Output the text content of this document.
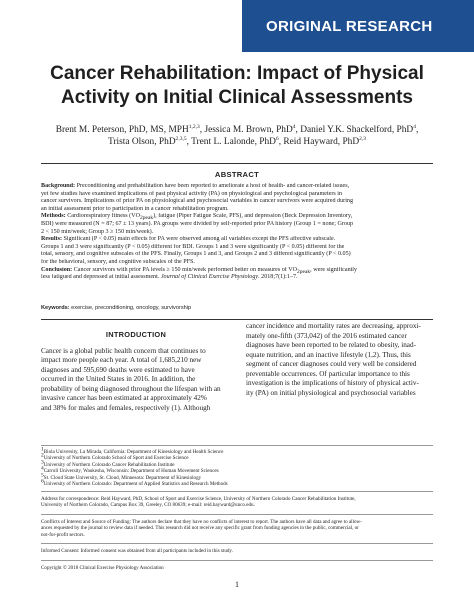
ORIGINAL RESEARCH
Cancer Rehabilitation: Impact of Physical
Activity on Initial Clinical Assessments
Brent M. Peterson, PhD, MS, MPH$^{1,2,3}$, Jessica M. Brown, PhD$^4$, Daniel Y.K. Shackelford, PhD$^4$,
Trista Olson, PhD$^{2,3,5}$, Trent L. Lalonde, PhD$^6$, Reid Hayward, PhD$^{2,3}$
ABSTRACT
Background: Preconditioning and prehabilitation have been reported to ameliorate a host of health- and cancer-related issues,
yet few studies have examined implications of past physical activity (PA) on physiological and psychological parameters in
cancer survivors. Implications of prior PA on physiological and psychosocial variables in cancer survivors were acquired during
an initial assessment prior to participation in a cancer rehabilitation program.
Methods: Cardiorespiratory fitness $(VO_{2peak})$, fatigue (Piper Fatigue Scale, PFS), and depression (Beck Depression Inventory,
BDI) were measured (N = 87; 67 ± 13 years). PA groups were divided by self-reported prior PA history (Group 1 = none; Group
2 < 150 min/week; Group 3 ≥ 150 min/week).
Results: Significant (P < 0.05) main effects for PA were observed among all variables except the PFS affective subscale.
Groups 1 and 3 were significantly (P < 0.05) different for BDI. Groups 1 and 3 were significantly (P < 0.05) different for the
total, sensory, and cognitive subscales of the PFS. Finally, Groups 1 and 3, and Groups 2 and 3 differed significantly (P < 0.05)
for the behavioral, sensory, and cognitive subscales of the PFS.
Conclusion: Cancer survivors with prior PA levels ≥ 150 min/week performed better on measures of $VO_{2peak}$, were significantly
less fatigued and depressed at initial assessment. Journal of Clinical Exercise Physiology. 2018;7(1):1–7.
Keywords: exercise, preconditioning, oncology, survivorship
INTRODUCTION
Cancer is a global public health concern that continues to
impact more people each year. A total of 1,685,210 new
diagnoses and 595,690 deaths were estimated to have
occurred in the United States in 2016. In addition, the
probability of being diagnosed throughout the lifespan with an
invasive cancer has been estimated at approximately 42%
and 38% for males and females, respectively (1). Although
cancer incidence and mortality rates are decreasing, approxi-
mately one-fifth (373,042) of the 2016 estimated cancer
diagnoses have been reported to be related to obesity, inad-
equate nutrition, and an inactive lifestyle (1,2). Thus, this
segment of cancer diagnoses could very well be considered
preventable occurrences. Of particular importance to this
investigation is the implications of history of physical activ-
ity (PA) on initial physiological and psychosocial variables
$^1$Biola University, La Mirada, California: Department of Kinesiology and Health Science
$^2$University of Northern Colorado School of Sport and Exercise Science
$^3$University of Northern Colorado Cancer Rehabilitation Institute
$^4$Carroll University, Waukesha, Wisconsin: Department of Human Movement Sciences
$^5$St. Cloud State University, St. Cloud, Minnesota: Department of Kinesiology
$^6$University of Northern Colorado: Department of Applied Statistics and Research Methods
Address for correspondence: Reid Hayward, PhD, School of Sport and Exercise Science, University of Northern Colorado Cancer Rehabilitation Institute,
University of Northern Colorado, Campus Box 39, Greeley, CO 80639; e-mail: reid.hayward@unco.edu.
Conflicts of Interest and Source of Funding: The authors declare that they have no conflicts of interest to report. The authors have all data and agree to allow-
ances requested by the journal to review data if needed. This research did not receive any specific grant from funding agencies in the public, commercial, or
not-for-profit sectors.
Informed Consent: Informed consent was obtained from all participants included in this study.
Copyright © 2018 Clinical Exercise Physiology Association
1
